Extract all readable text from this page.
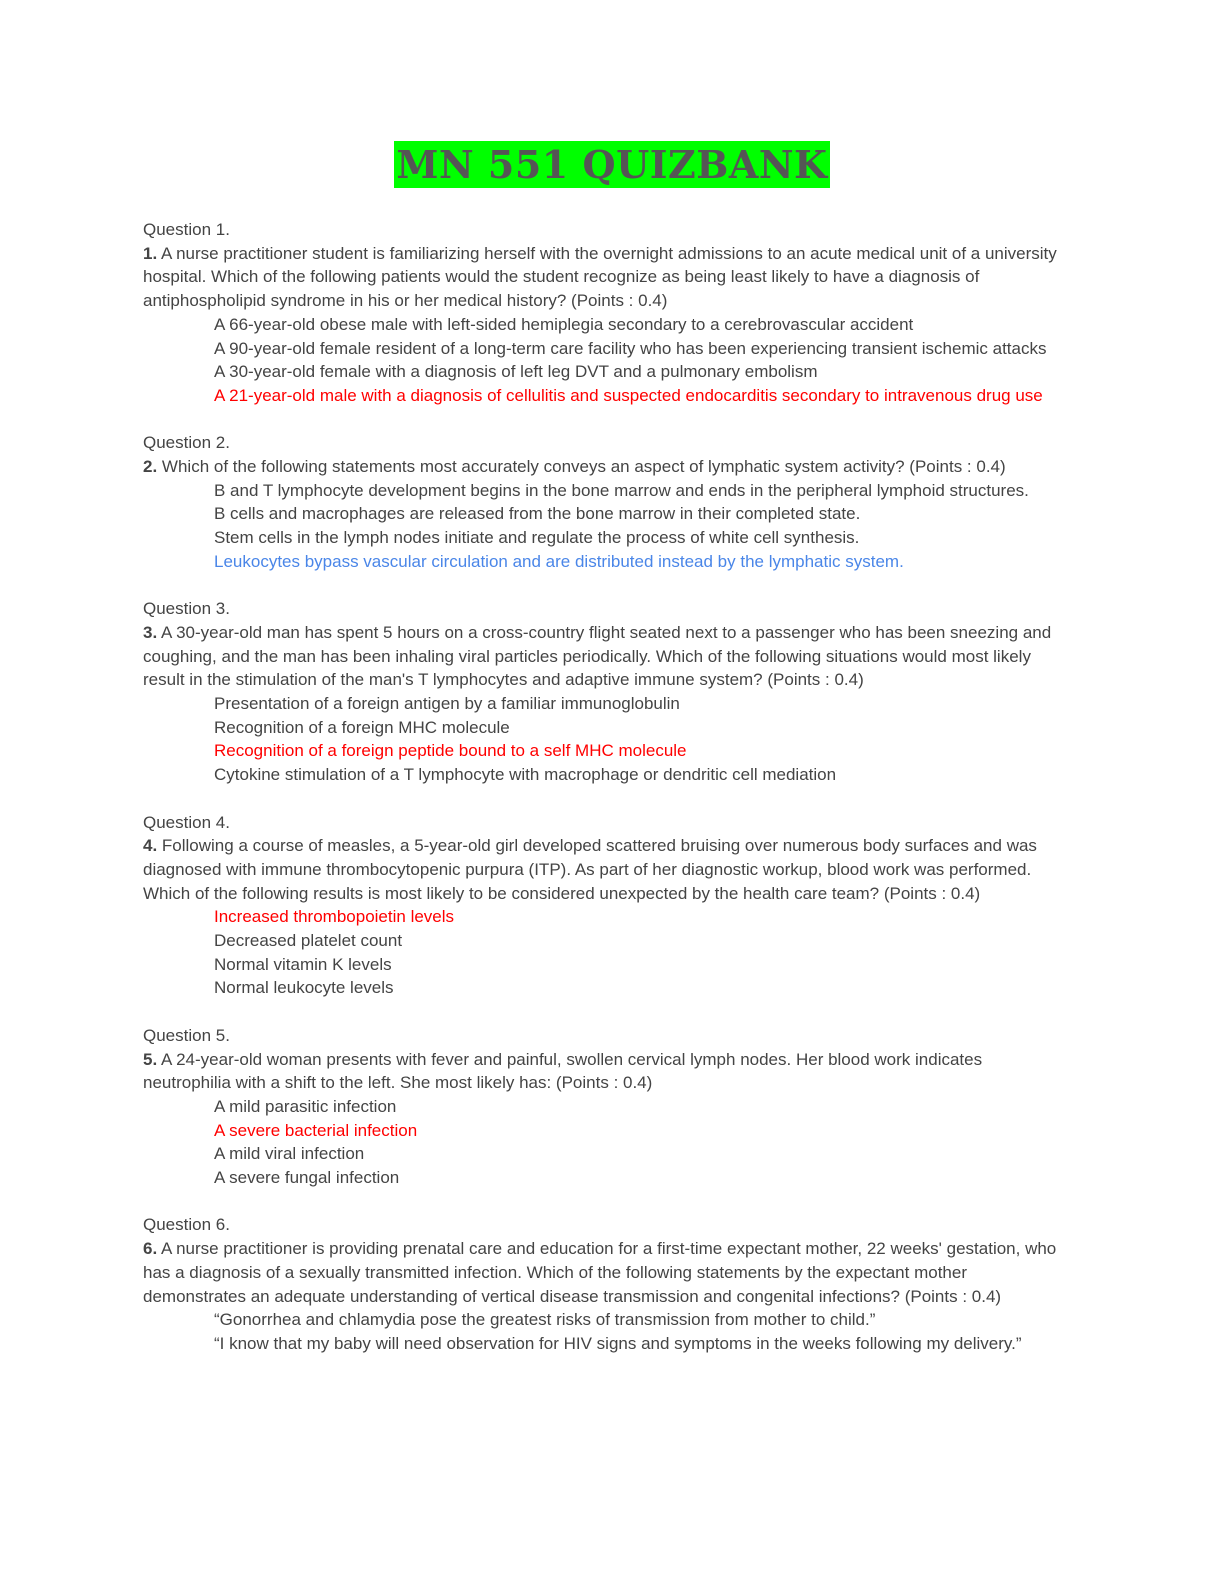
MN 551 QUIZBANK

Question 1.

1. A nurse practitioner student is familiarizing herself with the overnight admissions to an acute medical unit of a university hospital. Which of the following patients would the student recognize as being least likely to have a diagnosis of antiphospholipid syndrome in his or her medical history? (Points : 0.4)

A 66-year-old obese male with left-sided hemiplegia secondary to a cerebrovascular accident

A 90-year-old female resident of a long-term care facility who has been experiencing transient ischemic attacks

A 30-year-old female with a diagnosis of left leg DVT and a pulmonary embolism

A 21-year-old male with a diagnosis of cellulitis and suspected endocarditis secondary to intravenous drug use

Question 2.

2. Which of the following statements most accurately conveys an aspect of lymphatic system activity? (Points : 0.4)

B and T lymphocyte development begins in the bone marrow and ends in the peripheral lymphoid structures.

B cells and macrophages are released from the bone marrow in their completed state.

Stem cells in the lymph nodes initiate and regulate the process of white cell synthesis.

Leukocytes bypass vascular circulation and are distributed instead by the lymphatic system.

Question 3.

3. A 30-year-old man has spent 5 hours on a cross-country flight seated next to a passenger who has been sneezing and coughing, and the man has been inhaling viral particles periodically. Which of the following situations would most likely result in the stimulation of the man's T lymphocytes and adaptive immune system? (Points : 0.4)

Presentation of a foreign antigen by a familiar immunoglobulin

Recognition of a foreign MHC molecule

Recognition of a foreign peptide bound to a self MHC molecule

Cytokine stimulation of a T lymphocyte with macrophage or dendritic cell mediation

Question 4.

4. Following a course of measles, a 5-year-old girl developed scattered bruising over numerous body surfaces and was diagnosed with immune thrombocytopenic purpura (ITP). As part of her diagnostic workup, blood work was performed. Which of the following results is most likely to be considered unexpected by the health care team? (Points : 0.4)

Increased thrombopoietin levels

Decreased platelet count

Normal vitamin K levels

Normal leukocyte levels

Question 5.

5. A 24-year-old woman presents with fever and painful, swollen cervical lymph nodes. Her blood work indicates neutrophilia with a shift to the left. She most likely has: (Points : 0.4)

A mild parasitic infection

A severe bacterial infection

A mild viral infection

A severe fungal infection

Question 6.

6. A nurse practitioner is providing prenatal care and education for a first-time expectant mother, 22 weeks' gestation, who has a diagnosis of a sexually transmitted infection. Which of the following statements by the expectant mother demonstrates an adequate understanding of vertical disease transmission and congenital infections? (Points : 0.4)

“Gonorrhea and chlamydia pose the greatest risks of transmission from mother to child.”

“I know that my baby will need observation for HIV signs and symptoms in the weeks following my delivery.”
